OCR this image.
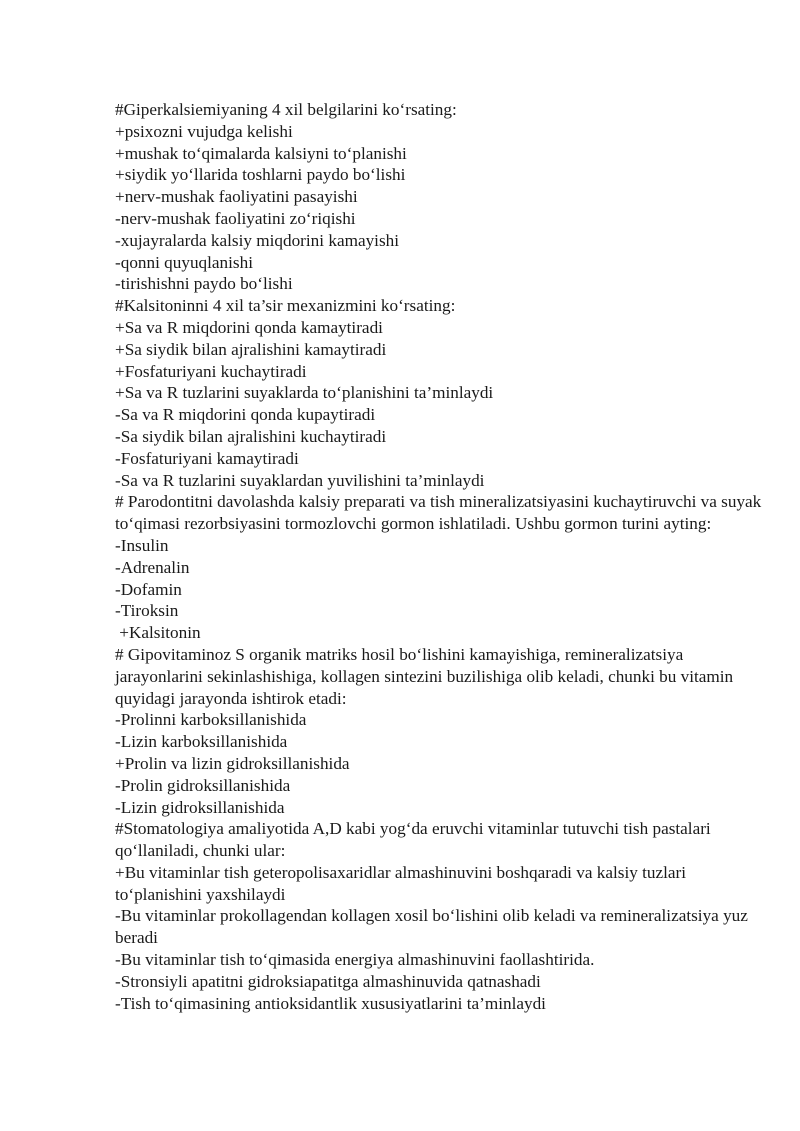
#Giperkalsiemiyaning 4 xil belgilarini ko‘rsating:

+psixozni vujudga kelishi

+mushak to‘qimalarda kalsiyni to‘planishi

+siydik yo‘llarida toshlarni paydo bo‘lishi

+nerv-mushak faoliyatini pasayishi

-nerv-mushak faoliyatini zo‘riqishi

-xujayralarda kalsiy miqdorini kamayishi

-qonni quyuqlanishi

-tirishishni paydo bo‘lishi

#Kalsitoninni 4 xil ta’sir mexanizmini ko‘rsating:

+Sa va R miqdorini qonda kamaytiradi

+Sa siydik bilan ajralishini kamaytiradi

+Fosfaturiyani kuchaytiradi

+Sa va R tuzlarini suyaklarda to‘planishini ta’minlaydi

-Sa va R miqdorini qonda kupaytiradi

-Sa siydik bilan ajralishini kuchaytiradi

-Fosfaturiyani kamaytiradi

-Sa va R tuzlarini suyaklardan yuvilishini ta’minlaydi

# Parodontitni davolashda kalsiy preparati va tish mineralizatsiyasini kuchaytiruvchi va suyak to‘qimasi rezorbsiyasini tormozlovchi gormon ishlatiladi. Ushbu gormon turini ayting:

-Insulin

-Adrenalin

-Dofamin

-Tiroksin

+Kalsitonin

# Gipovitaminoz S organik matriks hosil bo‘lishini kamayishiga, remineralizatsiya jarayonlarini sekinlashishiga, kollagen sintezini buzilishiga olib keladi, chunki bu vitamin quyidagi jarayonda ishtirok etadi:

-Prolinni karboksillanishida

-Lizin karboksillanishida

+Prolin va lizin gidroksillanishida

-Prolin gidroksillanishida

-Lizin gidroksillanishida

#Stomatologiya amaliyotida A,D kabi yog‘da eruvchi vitaminlar tutuvchi tish pastalari qo‘llaniladi, chunki ular:

+Bu vitaminlar tish geteropolisaxaridlar almashinuvini boshqaradi va kalsiy tuzlari to‘planishini yaxshilaydi

-Bu vitaminlar prokollagendan kollagen xosil bo‘lishini olib keladi va remineralizatsiya yuz beradi

-Bu vitaminlar tish to‘qimasida energiya almashinuvini faollashtirida.

-Stronsiyli apatitni gidroksiapatitga almashinuvida qatnashadi

-Tish to‘qimasining antioksidantlik xususiyatlarini ta’minlaydi
